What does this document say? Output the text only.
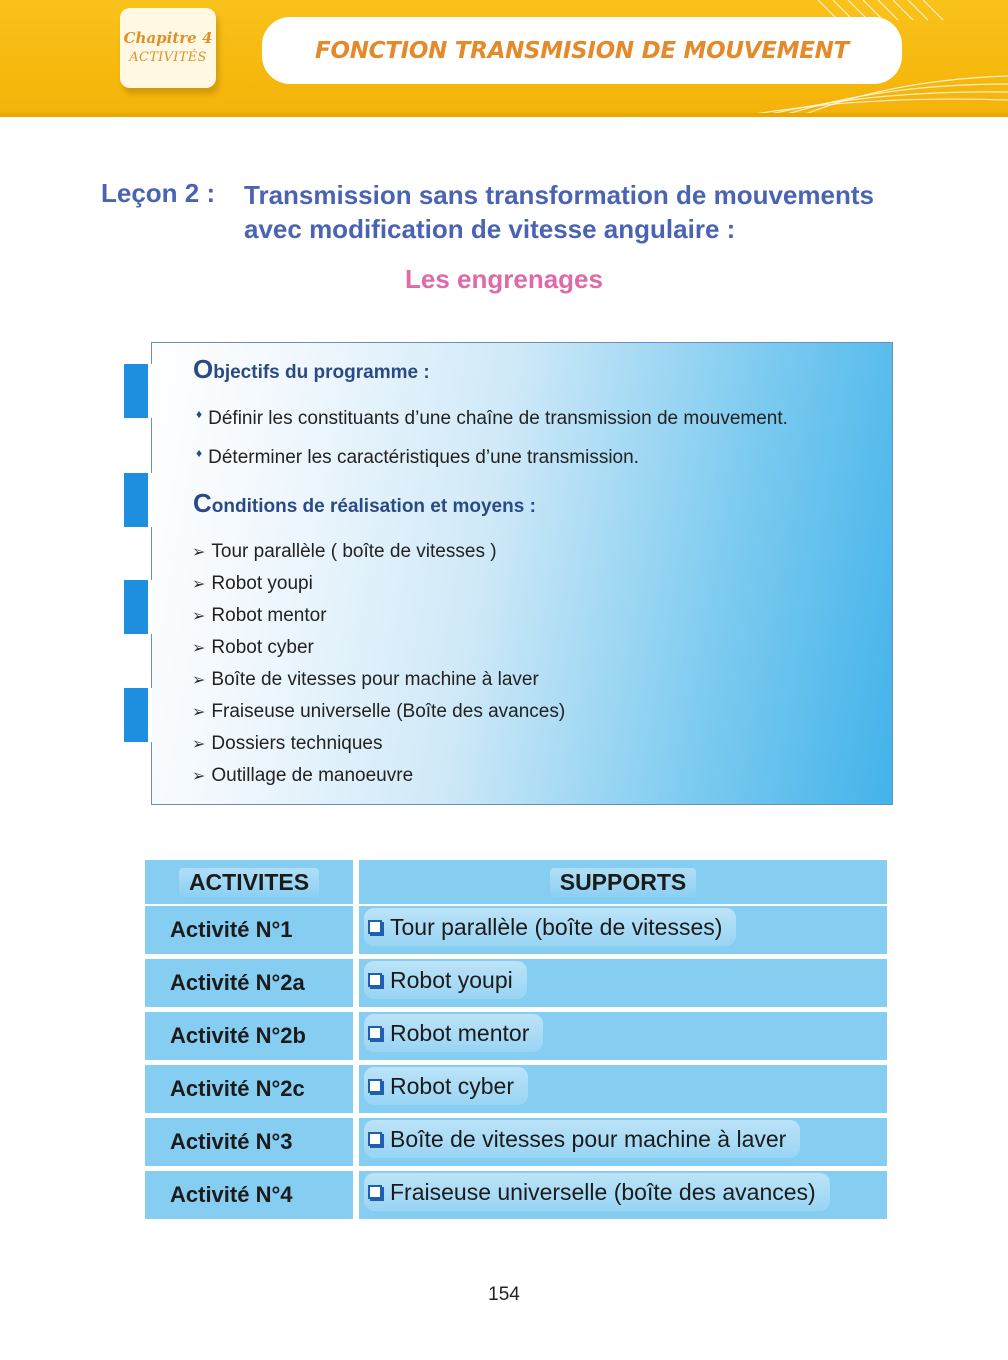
Chapitre 4
ACTIVITÉS	FONCTION TRANSMISION DE MOUVEMENT
Leçon 2 : Transmission sans transformation de mouvements
avec modification de vitesse angulaire :
Les engrenages
Objectifs du programme :
♦ Définir les constituants d’une chaîne de transmission de mouvement.
♦ Déterminer les caractéristiques d’une transmission.
Conditions de réalisation et moyens :
➢ Tour parallèle ( boîte de vitesses )
➢ Robot youpi
➢ Robot mentor
➢ Robot cyber
➢ Boîte de vitesses pour machine à laver
➢ Fraiseuse universelle (Boîte des avances)
➢ Dossiers techniques
➢ Outillage de manoeuvre
ACTIVITES	SUPPORTS
Activité N°1	Tour parallèle (boîte de vitesses)
Activité N°2a	Robot youpi
Activité N°2b	Robot mentor
Activité N°2c	Robot cyber
Activité N°3	Boîte de vitesses pour machine à laver
Activité N°4	Fraiseuse universelle (boîte des avances)
154
